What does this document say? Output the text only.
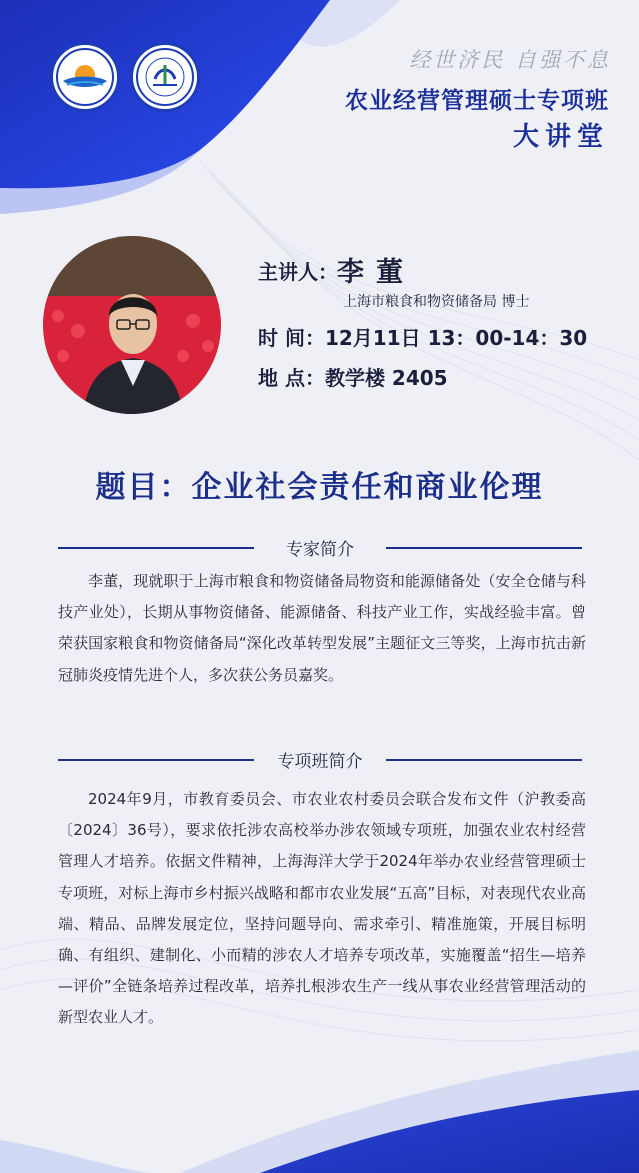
经世济民 自强不息
农业经营管理硕士专项班
大讲堂
主讲人： 李董
上海市粮食和物资储备局 博士
时 间：12月11日 13：00-14：30
地 点：教学楼 2405
题目：企业社会责任和商业伦理
专家简介

李董，现就职于上海市粮食和物资储备局物资和能源储备处（安全仓储与科技产业处），长期从事物资储备、能源储备、科技产业工作，实战经验丰富。曾荣获国家粮食和物资储备局“深化改革转型发展”主题征文三等奖，上海市抗击新冠肺炎疫情先进个人，多次获公务员嘉奖。

专项班简介

2024年9月，市教育委员会、市农业农村委员会联合发布文件（沪教委高〔2024〕36号），要求依托涉农高校举办涉农领域专项班，加强农业农村经营管理人才培养。依据文件精神，上海海洋大学于2024年举办农业经营管理硕士专项班，对标上海市乡村振兴战略和都市农业发展“五高”目标，对表现代农业高端、精品、品牌发展定位，坚持问题导向、需求牵引、精准施策，开展目标明确、有组织、建制化、小而精的涉农人才培养专项改革，实施覆盖“招生—培养—评价”全链条培养过程改革，培养扎根涉农生产一线从事农业经营管理活动的新型农业人才。
